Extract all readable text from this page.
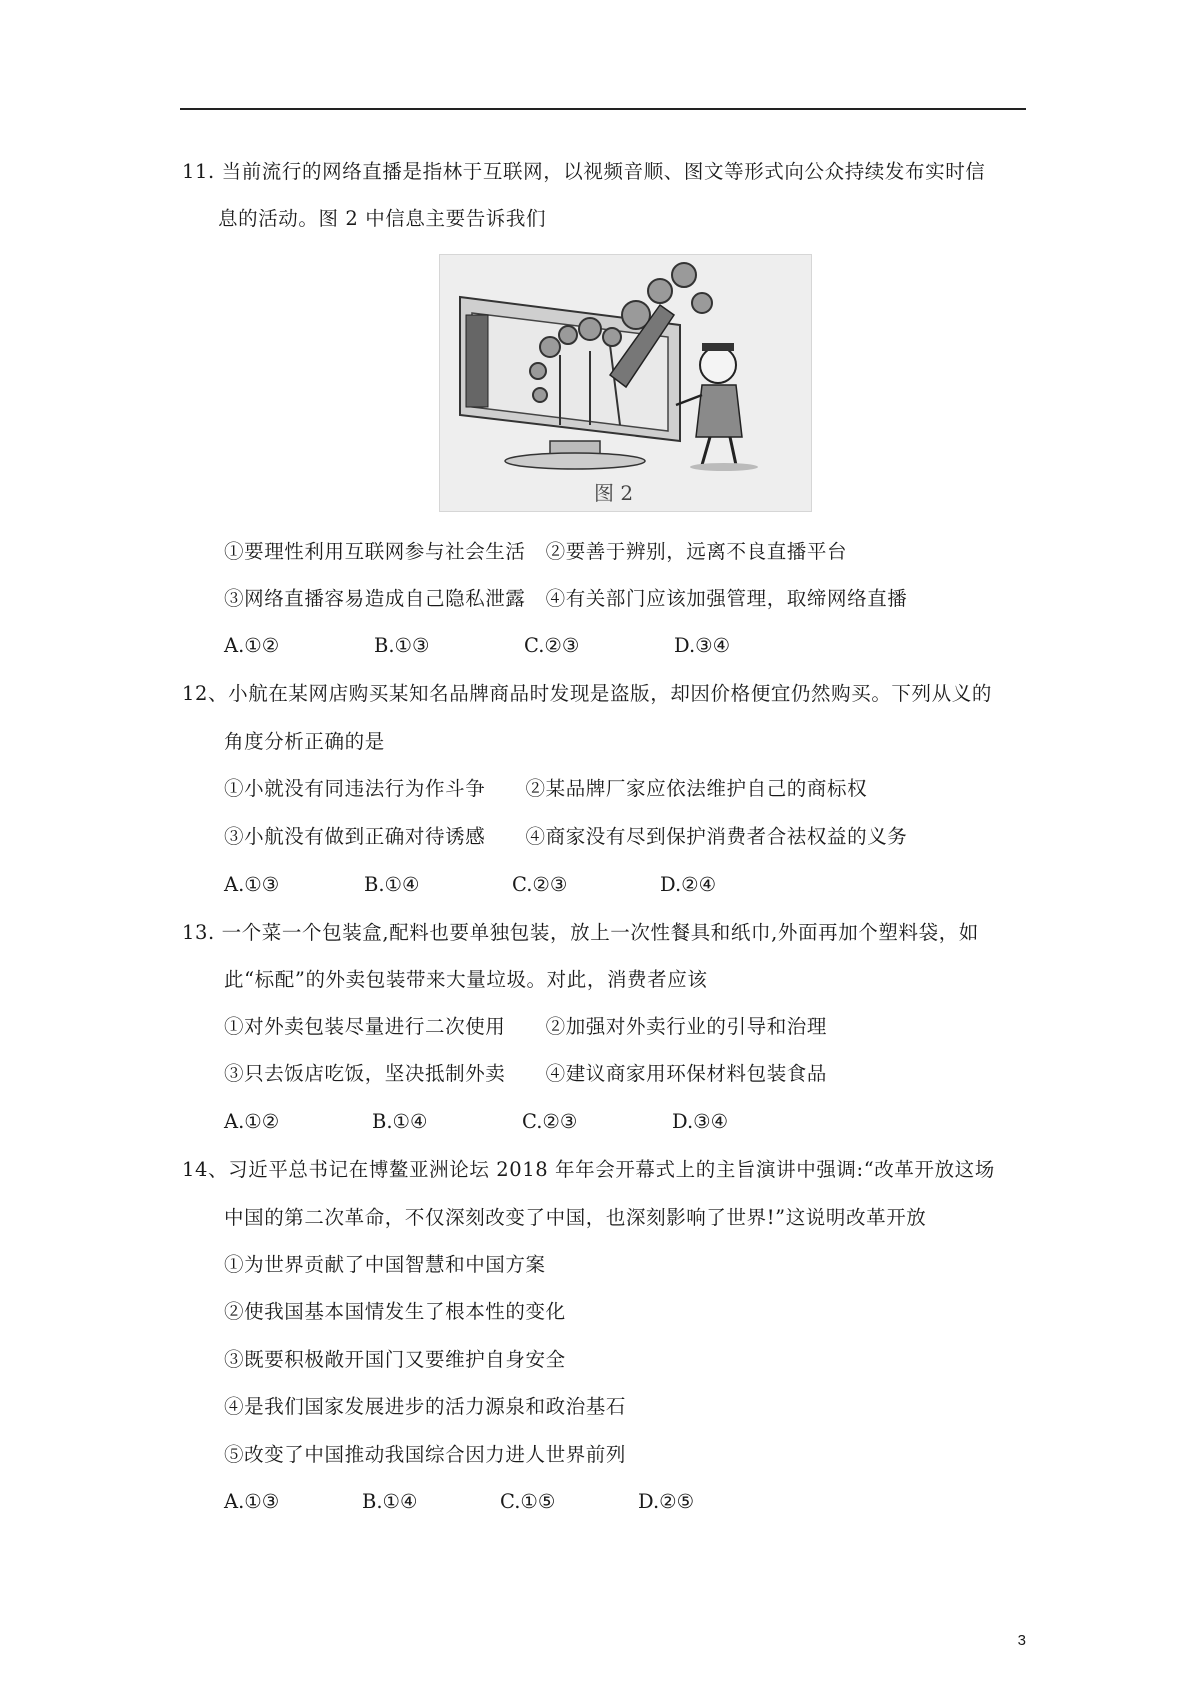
11. 当前流行的网络直播是指林于互联网，以视频音顺、图文等形式向公众持续发布实时信
息的活动。图 2 中信息主要告诉我们
图 2
①要理性利用互联网参与社会生活　②要善于辨别，远离不良直播平台
③网络直播容易造成自己隐私泄露　④有关部门应该加强管理，取缔网络直播
A.①②	B.①③	C.②③	D.③④
12、小航在某网店购买某知名品牌商品时发现是盗版，却因价格便宜仍然购买。下列从义的
角度分析正确的是
①小就没有同违法行为作斗争　　②某品牌厂家应依法维护自己的商标权
③小航没有做到正确对待诱感　　④商家没有尽到保护消费者合祛权益的义务
A.①③	B.①④	C.②③	D.②④
13. 一个菜一个包装盒,配料也要单独包装，放上一次性餐具和纸巾,外面再加个塑料袋，如
此“标配”的外卖包装带来大量垃圾。对此，消费者应该
①对外卖包装尽量进行二次使用　　②加强对外卖行业的引导和治理
③只去饭店吃饭，坚决抵制外卖　　④建议商家用环保材料包装食品
A.①②	B.①④	C.②③	D.③④
14、习近平总书记在博鳌亚洲论坛 2018 年年会开幕式上的主旨演讲中强调:“改革开放这场
中国的第二次革命，不仅深刻改变了中国，也深刻影响了世界!”这说明改革开放
①为世界贡献了中国智慧和中国方案
②使我国基本国情发生了根本性的变化
③既要积极敞开国门又要维护自身安全
④是我们国家发展进步的活力源泉和政治基石
⑤改变了中国推动我国综合因力进人世界前列
A.①③	B.①④	C.①⑤	D.②⑤
3
